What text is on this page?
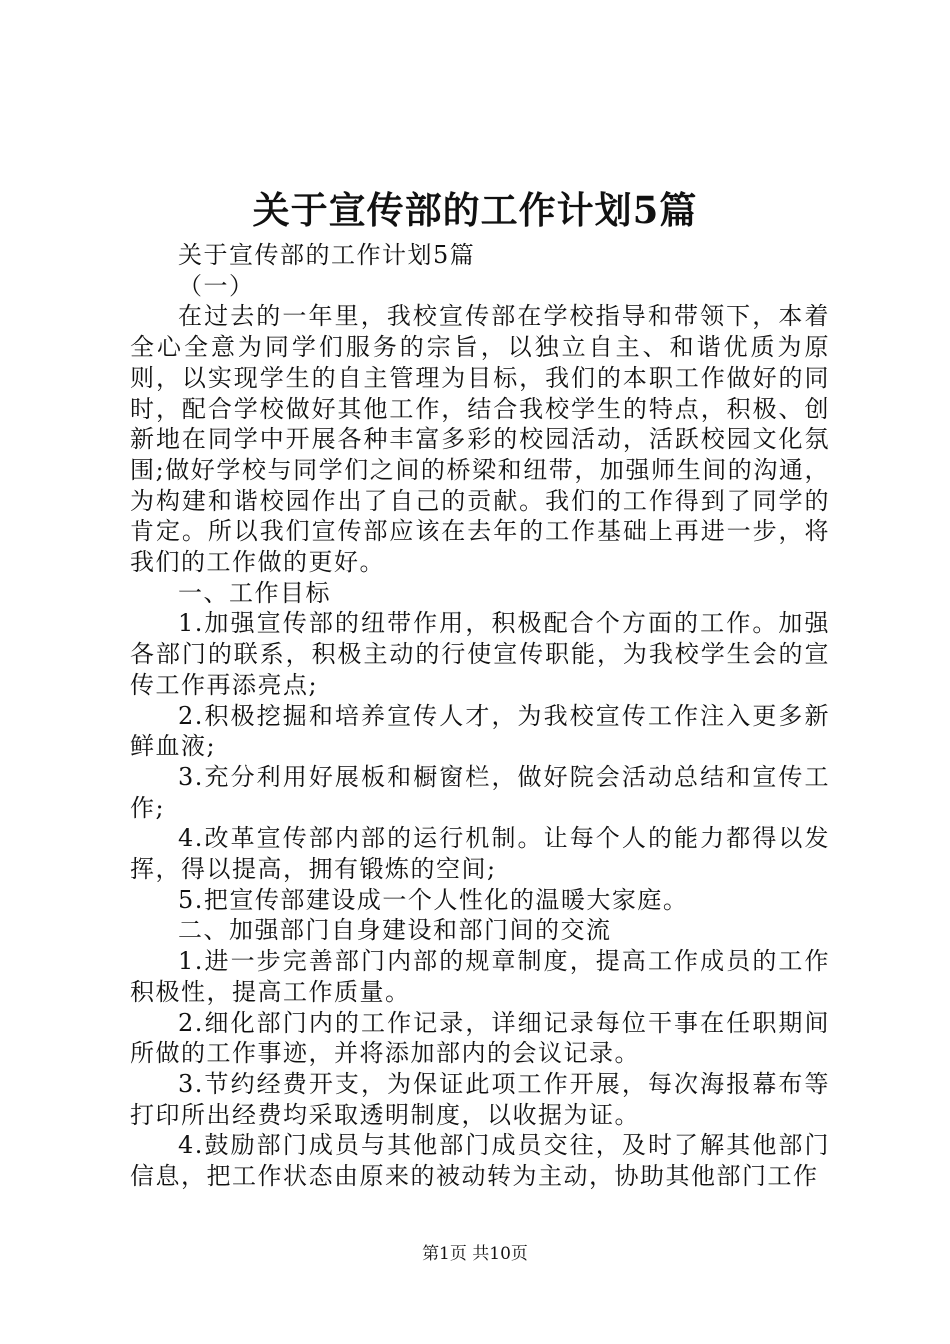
关于宣传部的工作计划5篇

关于宣传部的工作计划5篇

（一）

在过去的一年里，我校宣传部在学校指导和带领下，本着全心全意为同学们服务的宗旨，以独立自主、和谐优质为原则，以实现学生的自主管理为目标，我们的本职工作做好的同时，配合学校做好其他工作，结合我校学生的特点，积极、创新地在同学中开展各种丰富多彩的校园活动，活跃校园文化氛围;做好学校与同学们之间的桥梁和纽带，加强师生间的沟通，为构建和谐校园作出了自己的贡献。我们的工作得到了同学的肯定。所以我们宣传部应该在去年的工作基础上再进一步，将我们的工作做的更好。

一、工作目标

1.加强宣传部的纽带作用，积极配合个方面的工作。加强各部门的联系，积极主动的行使宣传职能，为我校学生会的宣传工作再添亮点;

2.积极挖掘和培养宣传人才，为我校宣传工作注入更多新鲜血液;

3.充分利用好展板和橱窗栏，做好院会活动总结和宣传工作;

4.改革宣传部内部的运行机制。让每个人的能力都得以发挥，得以提高，拥有锻炼的空间;

5.把宣传部建设成一个人性化的温暖大家庭。

二、加强部门自身建设和部门间的交流

1.进一步完善部门内部的规章制度，提高工作成员的工作积极性，提高工作质量。

2.细化部门内的工作记录，详细记录每位干事在任职期间所做的工作事迹，并将添加部内的会议记录。

3.节约经费开支，为保证此项工作开展，每次海报幕布等打印所出经费均采取透明制度，以收据为证。

4.鼓励部门成员与其他部门成员交往，及时了解其他部门信息，把工作状态由原来的被动转为主动，协助其他部门工作

第1页 共10页
